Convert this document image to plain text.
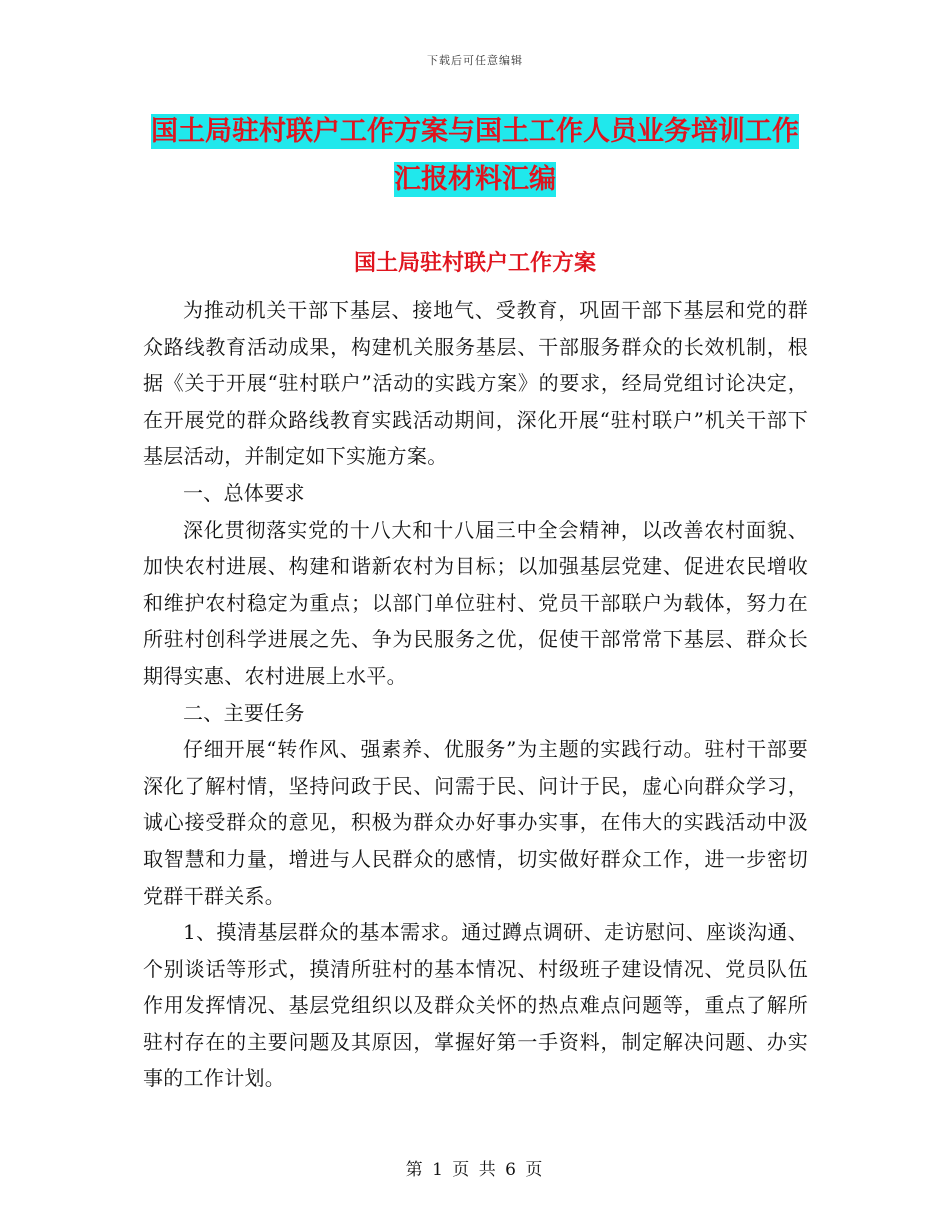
下载后可任意编辑
国土局驻村联户工作方案与国土工作人员业务培训工作汇报材料汇编
国土局驻村联户工作方案

为推动机关干部下基层、接地气、受教育，巩固干部下基层和党的群众路线教育活动成果，构建机关服务基层、干部服务群众的长效机制，根据《关于开展“驻村联户”活动的实践方案》的要求，经局党组讨论决定，在开展党的群众路线教育实践活动期间，深化开展“驻村联户”机关干部下基层活动，并制定如下实施方案。

一、总体要求

深化贯彻落实党的十八大和十八届三中全会精神，以改善农村面貌、加快农村进展、构建和谐新农村为目标；以加强基层党建、促进农民增收和维护农村稳定为重点；以部门单位驻村、党员干部联户为载体，努力在所驻村创科学进展之先、争为民服务之优，促使干部常常下基层、群众长期得实惠、农村进展上水平。

二、主要任务

仔细开展“转作风、强素养、优服务”为主题的实践行动。驻村干部要深化了解村情，坚持问政于民、问需于民、问计于民，虚心向群众学习，诚心接受群众的意见，积极为群众办好事办实事，在伟大的实践活动中汲取智慧和力量，增进与人民群众的感情，切实做好群众工作，进一步密切党群干群关系。

1、摸清基层群众的基本需求。通过蹲点调研、走访慰问、座谈沟通、个别谈话等形式，摸清所驻村的基本情况、村级班子建设情况、党员队伍作用发挥情况、基层党组织以及群众关怀的热点难点问题等，重点了解所驻村存在的主要问题及其原因，掌握好第一手资料，制定解决问题、办实事的工作计划。

第 1 页 共 6 页
